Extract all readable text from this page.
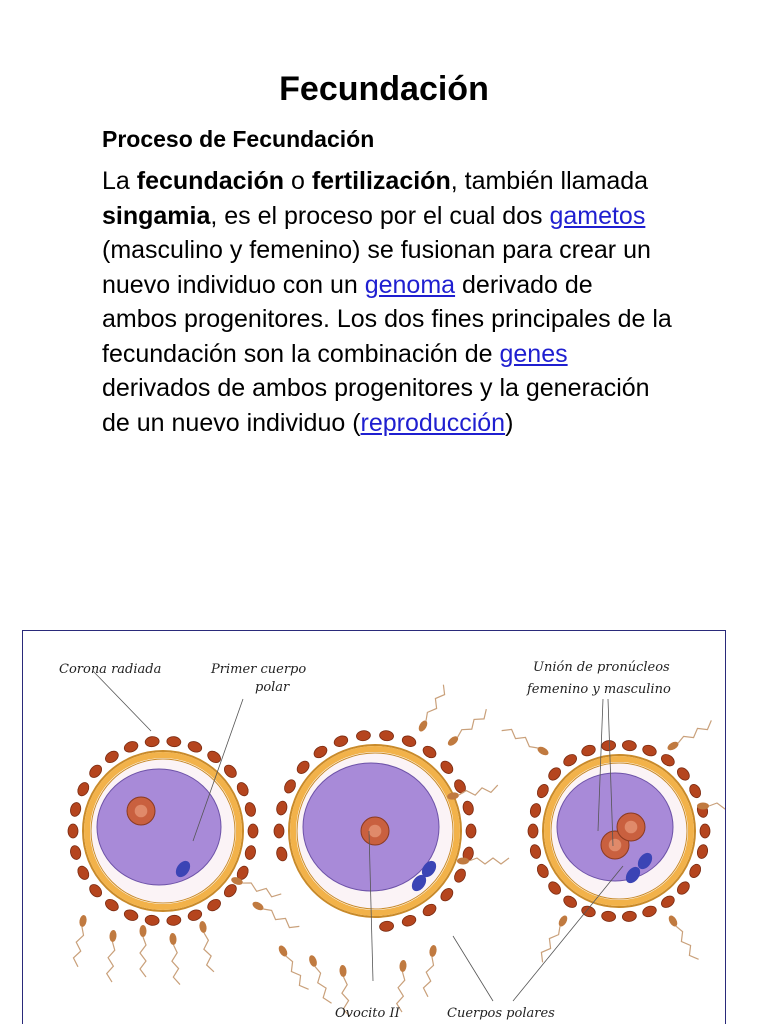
Fecundación
Proceso de Fecundación

La fecundación o fertilización, también llamada singamia, es el proceso por el cual dos gametos (masculino y femenino) se fusionan para crear un nuevo individuo con un genoma derivado de ambos progenitores. Los dos fines principales de la fecundación son la combinación de genes derivados de ambos progenitores y la generación de un nuevo individuo (reproducción)

Corona radiada	Primer cuerpo
polar
Unión de pronúcleos
femenino y masculino
Ovocito II	Cuerpos polares
